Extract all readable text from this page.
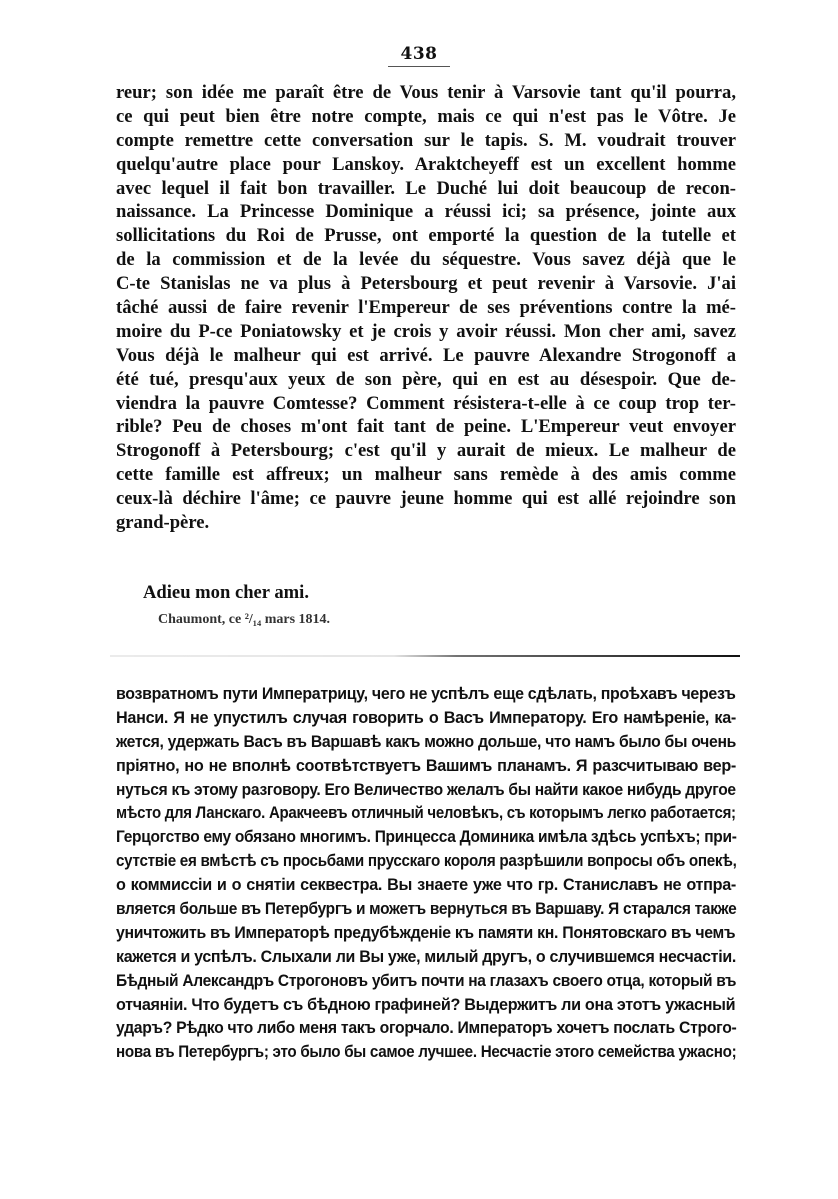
438
reur; son idée me paraît être de Vous tenir à Varsovie tant qu'il pourra,
ce qui peut bien être notre compte, mais ce qui n'est pas le Vôtre. Je
compte remettre cette conversation sur le tapis. S. M. voudrait trouver
quelqu'autre place pour Lanskoy. Araktcheyeff est un excellent homme
avec lequel il fait bon travailler. Le Duché lui doit beaucoup de recon-
naissance. La Princesse Dominique a réussi ici; sa présence, jointe aux
sollicitations du Roi de Prusse, ont emporté la question de la tutelle et
de la commission et de la levée du séquestre. Vous savez déjà que le
C-te Stanislas ne va plus à Petersbourg et peut revenir à Varsovie. J'ai
tâché aussi de faire revenir l'Empereur de ses préventions contre la mé-
moire du P-ce Poniatowsky et je crois y avoir réussi. Mon cher ami, savez
Vous déjà le malheur qui est arrivé. Le pauvre Alexandre Strogonoff a
été tué, presqu'aux yeux de son père, qui en est au désespoir. Que de-
viendra la pauvre Comtesse? Comment résistera-t-elle à ce coup trop ter-
rible? Peu de choses m'ont fait tant de peine. L'Empereur veut envoyer
Strogonoff à Petersbourg; c'est qu'il y aurait de mieux. Le malheur de
cette famille est affreux; un malheur sans remède à des amis comme
ceux-là déchire l'âme; ce pauvre jeune homme qui est allé rejoindre son
grand-père.
Adieu mon cher ami.
Chaumont, ce ²/₁₄ mars 1814.
возвратномъ пути Императрицу, чего не успѣлъ еще сдѣлать, проѣхавъ черезъ
Нанси. Я не упустилъ случая говорить о Васъ Императору. Его намѣреніе, ка-
жется, удержать Васъ въ Варшавѣ какъ можно дольше, что намъ было бы очень
пріятно, но не вполнѣ соотвѣтствуетъ Вашимъ планамъ. Я разсчитываю вер-
нуться къ этому разговору. Его Величество желалъ бы найти какое нибудь другое
мѣсто для Ланскаго. Аракчеевъ отличный человѣкъ, съ которымъ легко работается;
Герцогство ему обязано многимъ. Принцесса Доминика имѣла здѣсь успѣхъ; при-
сутствіе ея вмѣстѣ съ просьбами прусскаго короля разрѣшили вопросы объ опекѣ,
о коммиссіи и о снятіи секвестра. Вы знаете уже что гр. Станиславъ не отпра-
вляется больше въ Петербургъ и можетъ вернуться въ Варшаву. Я старался также
уничтожить въ Императорѣ предубѣжденіе къ памяти кн. Понятовскаго въ чемъ
кажется и успѣлъ. Слыхали ли Вы уже, милый другъ, о случившемся несчастіи.
Бѣдный Александръ Строгоновъ убитъ почти на глазахъ своего отца, который въ
отчаяніи. Что будетъ съ бѣдною графиней? Выдержитъ ли она этотъ ужасный
ударъ? Рѣдко что либо меня такъ огорчало. Императоръ хочетъ послать Строго-
нова въ Петербургъ; это было бы самое лучшее. Несчастіе этого семейства ужасно;
